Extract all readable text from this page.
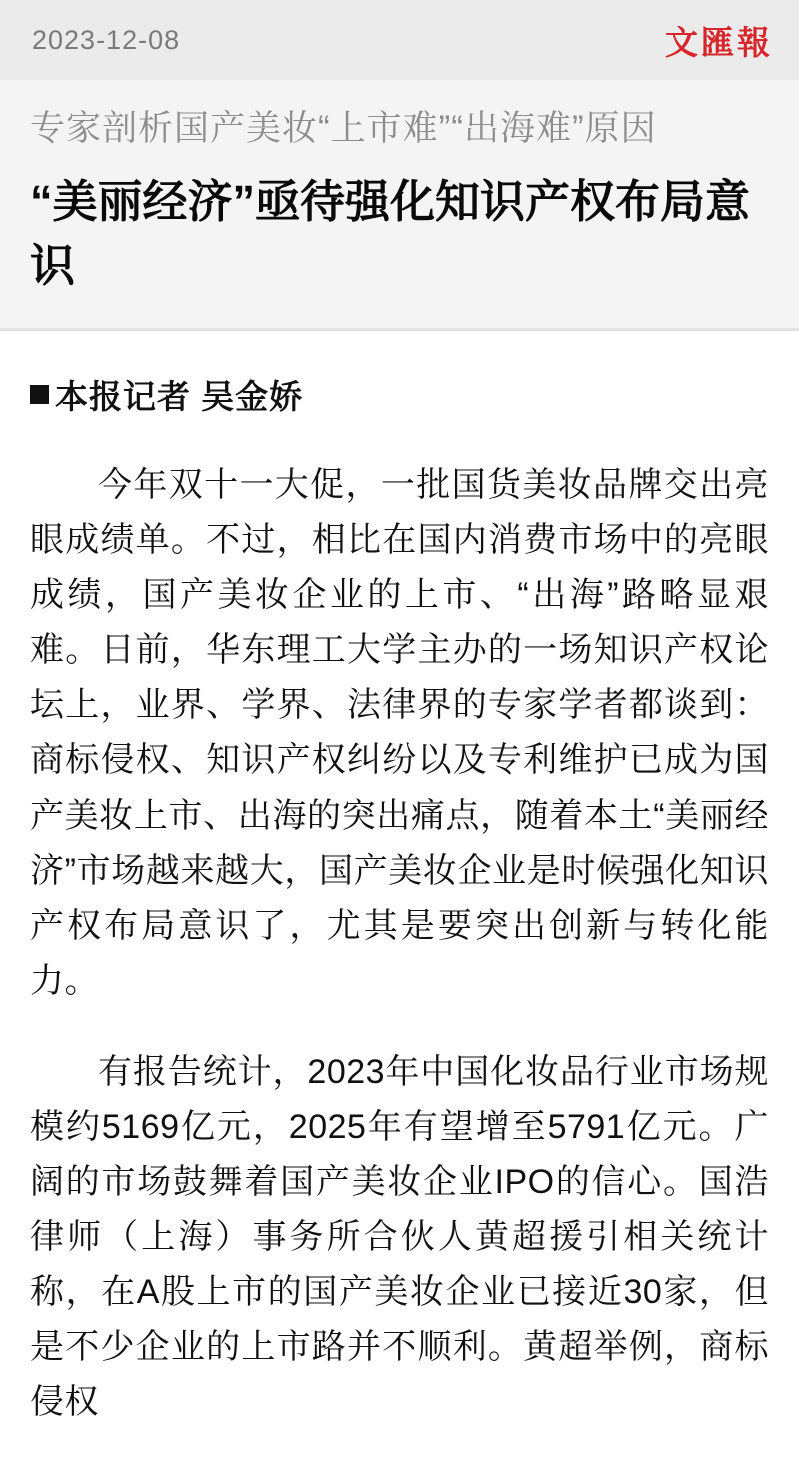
2023-12-08	文匯報
专家剖析国产美妆“上市难”“出海难”原因
“美丽经济”亟待强化知识产权布局意识
本报记者 吴金娇

今年双十一大促，一批国货美妆品牌交出亮眼成绩单。不过，相比在国内消费市场中的亮眼成绩，国产美妆企业的上市、“出海”路略显艰难。日前，华东理工大学主办的一场知识产权论坛上，业界、学界、法律界的专家学者都谈到：商标侵权、知识产权纠纷以及专利维护已成为国产美妆上市、出海的突出痛点，随着本土“美丽经济”市场越来越大，国产美妆企业是时候强化知识产权布局意识了，尤其是要突出创新与转化能力。

有报告统计，2023年中国化妆品行业市场规模约5169亿元，2025年有望增至5791亿元。广阔的市场鼓舞着国产美妆企业IPO的信心。国浩律师（上海）事务所合伙人黄超援引相关统计称，在A股上市的国产美妆企业已接近30家，但是不少企业的上市路并不顺利。黄超举例，商标侵权
